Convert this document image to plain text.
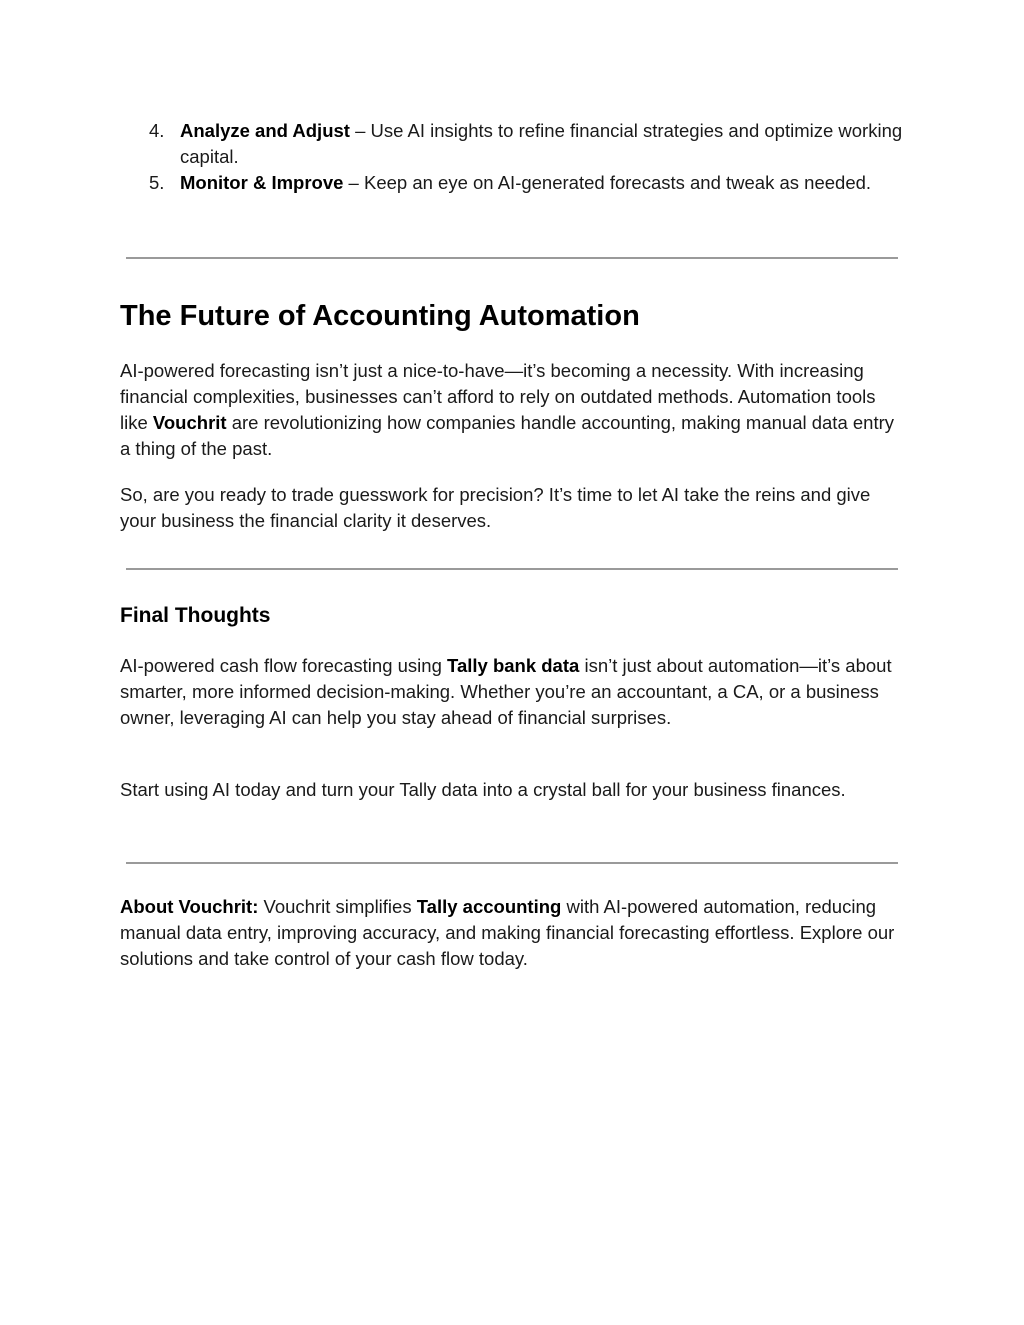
4. Analyze and Adjust – Use AI insights to refine financial strategies and optimize working capital.
5. Monitor & Improve – Keep an eye on AI-generated forecasts and tweak as needed.
The Future of Accounting Automation

AI-powered forecasting isn’t just a nice-to-have—it’s becoming a necessity. With increasing financial complexities, businesses can’t afford to rely on outdated methods. Automation tools like Vouchrit are revolutionizing how companies handle accounting, making manual data entry a thing of the past.

So, are you ready to trade guesswork for precision? It’s time to let AI take the reins and give your business the financial clarity it deserves.

Final Thoughts

AI-powered cash flow forecasting using Tally bank data isn’t just about automation—it’s about smarter, more informed decision-making. Whether you’re an accountant, a CA, or a business owner, leveraging AI can help you stay ahead of financial surprises.

Start using AI today and turn your Tally data into a crystal ball for your business finances.

About Vouchrit: Vouchrit simplifies Tally accounting with AI-powered automation, reducing manual data entry, improving accuracy, and making financial forecasting effortless. Explore our solutions and take control of your cash flow today.
